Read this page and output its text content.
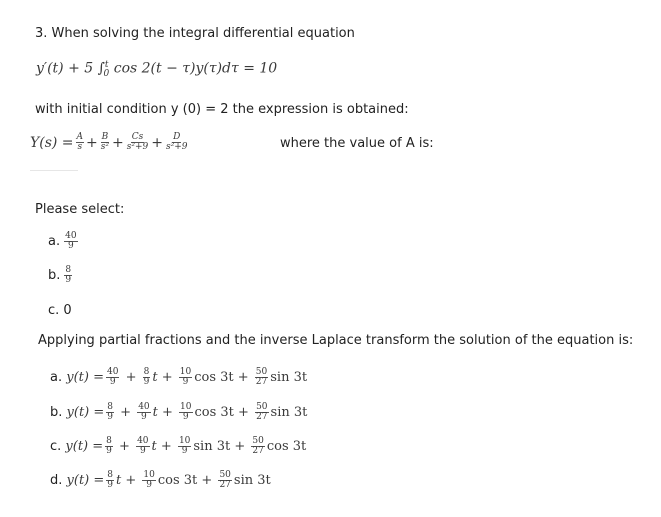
3. When solving the integral differential equation
y′(t) + 5 ∫$^t_0$ cos 2(t − τ)y(τ)dτ = 10
with initial condition y (0) = 2 the expression is obtained:
$Y(s) = \frac{A}{s} + \frac{B}{\text{s²}} + \frac{Cs}{\text{s²+9}} + \frac{D}{\text{s²+9}}$	where the value of A is:
Please select:
a. $\frac{40}{9}$
b. $\frac{8}{9}$
c. 0
Applying partial fractions and the inverse Laplace transform the solution of the equation is:
a.
$y(t) = \frac{40}{9} + \frac{8}{9}$ $t + \frac{10}{9}$ $\cos 3t + \frac{50}{27}$ sin 3t
b.
$y(t) = \frac{8}{9} + \frac{40}{9}$ $t + \frac{10}{9}$ $\cos 3t + \frac{50}{27}$ sin 3t
c.
$y(t) = \frac{8}{9} + \frac{40}{9}$ $t + \frac{10}{9}$ $\sin 3t + \frac{50}{27}$ cos 3t
d.
$y(t) = \frac{8}{9}$ $t + \frac{10}{9}$ $\cos 3t + \frac{50}{27}$ sin 3t
